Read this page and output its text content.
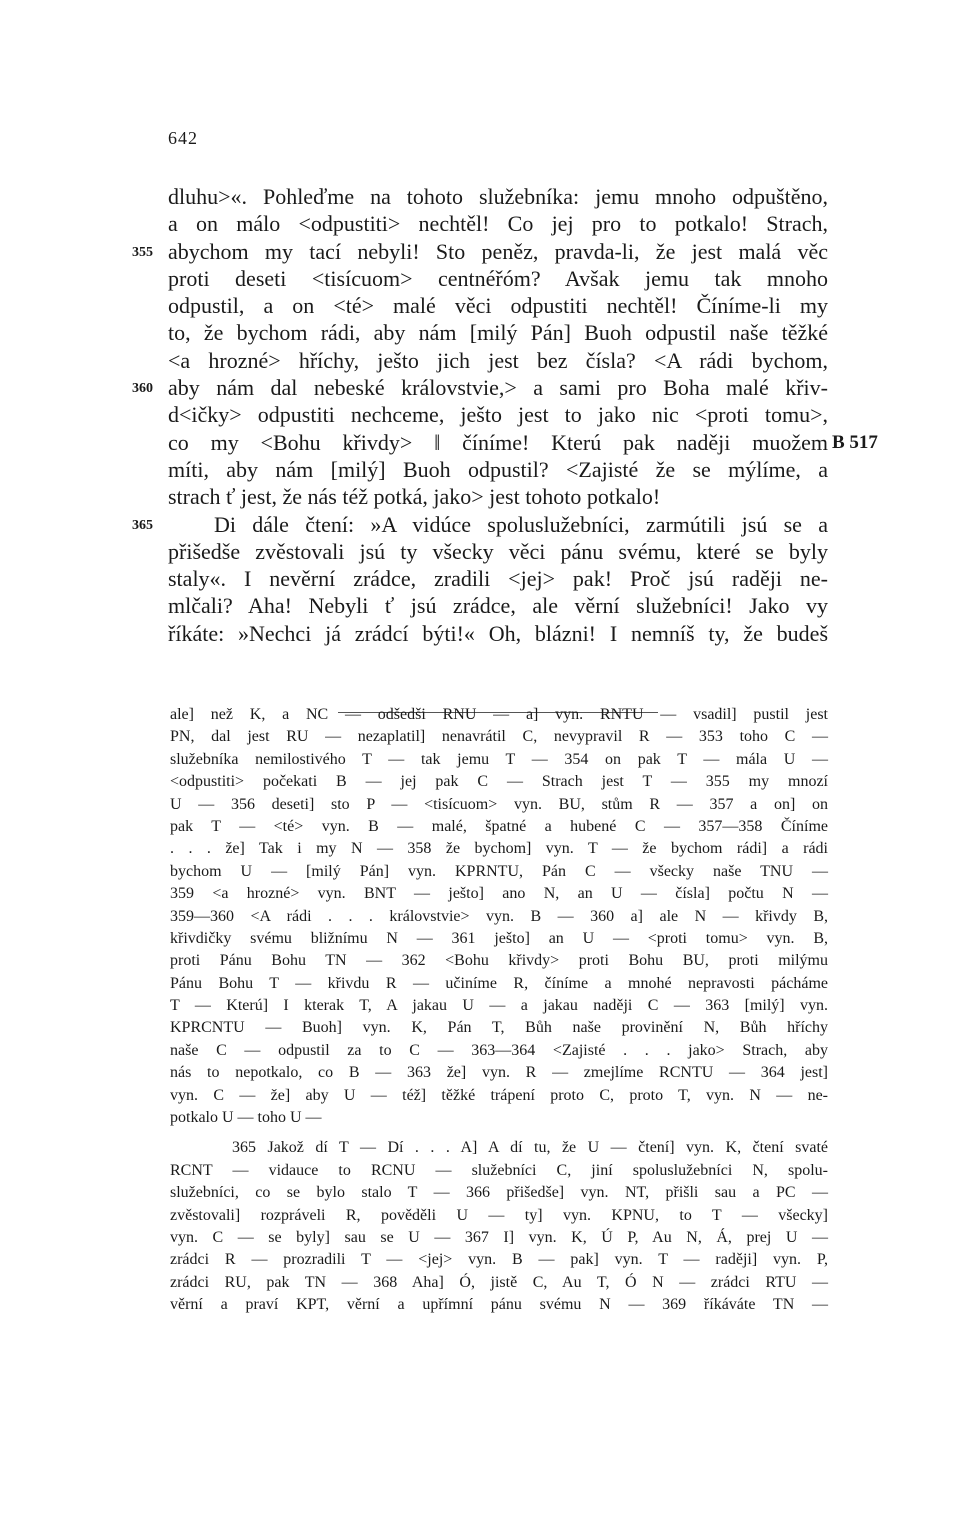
642
dluhu>«. Pohleďme na tohoto služebníka: jemu mnoho odpuštěno,
a on málo <odpustiti> nechtěl! Co jej pro to potkalo! Strach,
355 abychom my tací nebyli! Sto peněz, pravda-li, že jest malá věc
proti deseti <tisícuom> centnéřóm? Avšak jemu tak mnoho
odpustil, a on <té> malé věci odpustiti nechtěl! Číníme-li my
to, že bychom rádi, aby nám [milý Pán] Buoh odpustil naše těžké
<a hrozné> hříchy, ješto jich jest bez čísla? <A rádi bychom,
360 aby nám dal nebeské královstvie,> a sami pro Boha malé křiv-
d<ičky> odpustiti nechceme, ješto jest to jako nic <proti tomu>,
co my <Bohu křivdy> ‖ číníme! Kterú pak naději muožem B 517
míti, aby nám [milý] Buoh odpustil? <Zajisté že se mýlíme, a
strach ť jest, že nás též potká, jako> jest tohoto potkalo!
365	Di dále čtení: »A vidúce spoluslužebníci, zarmútili jsú se a
přišedše zvěstovali jsú ty všecky věci pánu svému, které se byly
staly«. I nevěrní zrádce, zradili <jej> pak! Proč jsú raději ne-
mlčali? Aha! Nebyli ť jsú zrádce, ale věrní služebníci! Jako vy
říkáte: »Nechci já zrádcí býti!« Oh, blázni! I nemníš ty, že budeš
ale] než K, a NC — odšedši RNU — a] vyn. RNTU — vsadil] pustil jest
PN, dal jest RU — nezaplatil] nenavrátil C, nevypravil R — 353 toho C —
služebníka nemilostivého T — tak jemu T — 354 on pak T — mála U —
<odpustiti> počekati B — jej pak C — Strach jest T — 355 my mnozí
U — 356 deseti] sto P — <tisícuom> vyn. BU, stům R — 357 a on] on
pak T — <té> vyn. B — malé, špatné a hubené C — 357—358 Číníme
. . . že] Tak i my N — 358 že bychom] vyn. T — že bychom rádi] a rádi
bychom U — [milý Pán] vyn. KPRNTU, Pán C — všecky naše TNU —
359 <a hrozné> vyn. BNT — ješto] ano N, an U — čísla] počtu N —
359—360 <A rádi . . . královstvie> vyn. B — 360 a] ale N — křivdy B,
křivdičky svému bližnímu N — 361 ješto] an U — <proti tomu> vyn. B,
proti Pánu Bohu TN — 362 <Bohu křivdy> proti Bohu BU, proti milýmu
Pánu Bohu T — křivdu R — učiníme R, číníme a mnohé nepravosti pácháme
T — Kterú] I kterak T, A jakau U — a jakau naději C — 363 [milý] vyn.
KPRCNTU — Buoh] vyn. K, Pán T, Bůh naše provinění N, Bůh hříchy
naše C — odpustil za to C — 363—364 <Zajisté . . . jako> Strach, aby
nás to nepotkalo, co B — 363 že] vyn. R — zmejlíme RCNTU — 364 jest]
vyn. C — že] aby U — též] těžké trápení proto C, proto T, vyn. N — ne-
potkalo U — toho U —
365 Jakož dí T — Dí . . . A] A dí tu, že U — čtení] vyn. K, čtení svaté
RCNT — vidauce to RCNU — služebníci C, jiní spoluslužebníci N, spolu-
služebníci, co se bylo stalo T — 366 přišedše] vyn. NT, přišli sau a PC —
zvěstovali] rozpráveli R, pověděli U — ty] vyn. KPNU, to T — všecky]
vyn. C — se byly] sau se U — 367 I] vyn. K, Ú P, Au N, Á, prej U —
zrádci R — prozradili T — <jej> vyn. B — pak] vyn. T — raději] vyn. P,
zrádci RU, pak TN — 368 Aha] Ó, jistě C, Au T, Ó N — zrádci RTU —
věrní a praví KPT, věrní a upřímní pánu svému N — 369 říkáváte TN —
